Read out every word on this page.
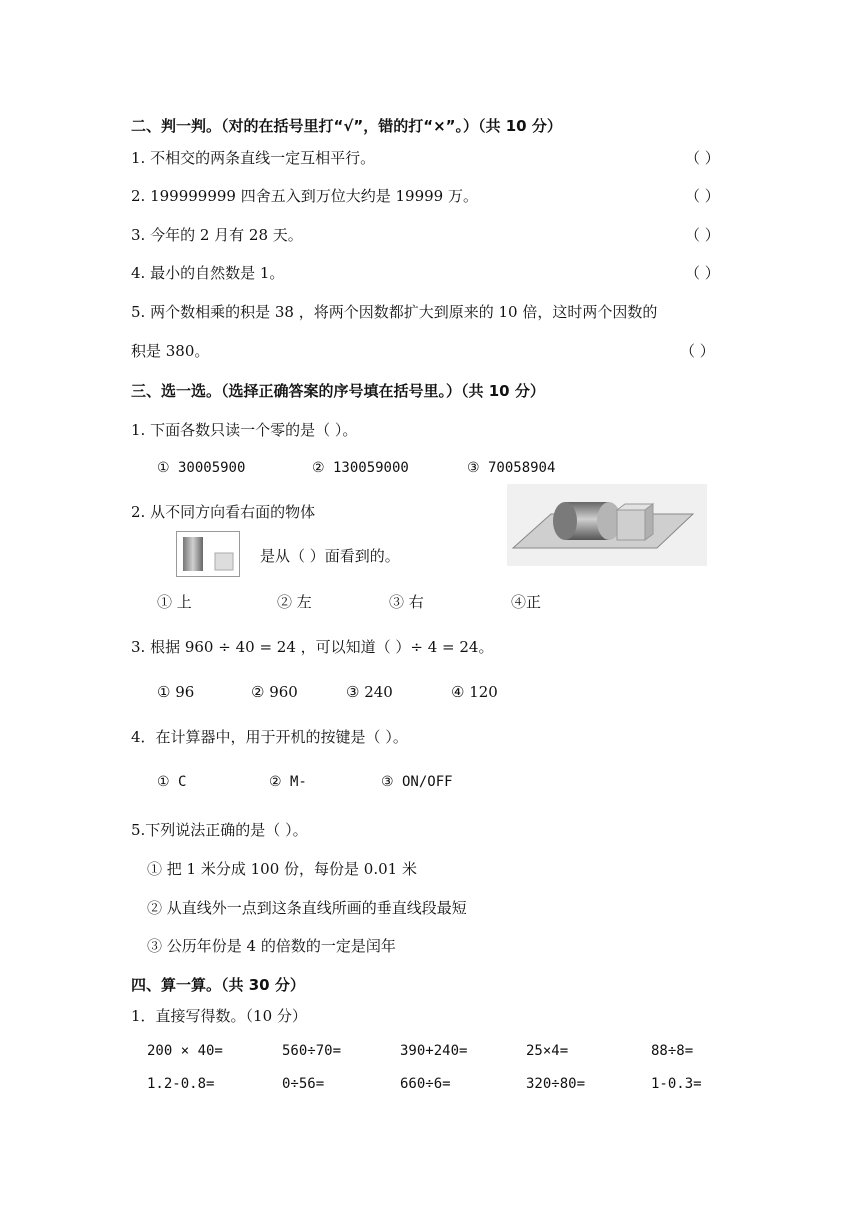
二、判一判。（对的在括号里打“√”，错的打“×”。）（共 10 分）
1. 不相交的两条直线一定互相平行。	（ ）
2. 199999999 四舍五入到万位大约是 19999 万。	（ ）
3. 今年的 2 月有 28 天。	（ ）
4. 最小的自然数是 1。	（ ）
5. 两个数相乘的积是 38 ，将两个因数都扩大到原来的 10 倍，这时两个因数的
积是 380。	（ ）
三、选一选。（选择正确答案的序号填在括号里。）（共 10 分）
1. 下面各数只读一个零的是（ ）。
① 30005900	② 130059000	③ 70058904
2. 从不同方向看右面的物体
是从（ ）面看到的。
① 上	② 左	③ 右	④正
3. 根据 960 ÷ 40 = 24 ，可以知道（ ）÷ 4 = 24。
① 96	② 960	③ 240	④ 120
4．在计算器中，用于开机的按键是（ ）。
① C	② M-	③ ON/OFF
5.下列说法正确的是（ ）。
① 把 1 米分成 100 份，每份是 0.01 米
② 从直线外一点到这条直线所画的垂直线段最短
③ 公历年份是 4 的倍数的一定是闰年
四、算一算。（共 30 分）
1．直接写得数。（10 分）
200 × 40=	560÷70=	390+240=	25×4=	88÷8=
1.2-0.8=	0÷56=	660÷6=	320÷80=	1-0.3=
